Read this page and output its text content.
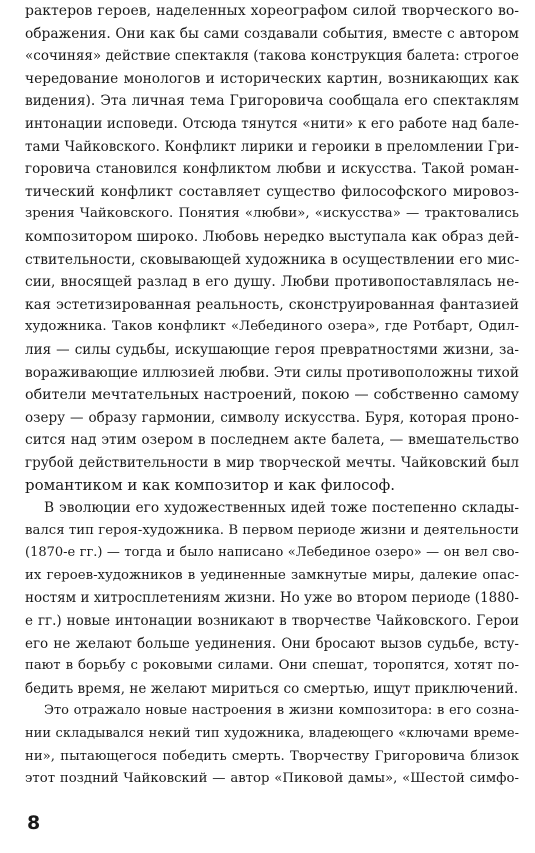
рактеров героев, наделенных хореографом силой творческого во-
ображения. Они как бы сами создавали события, вместе с автором
«сочиняя» действие спектакля (такова конструкция балета: строгое
чередование монологов и исторических картин, возникающих как
видения). Эта личная тема Григоровича сообщала его спектаклям
интонации исповеди. Отсюда тянутся «нити» к его работе над бале-
тами Чайковского. Конфликт лирики и героики в преломлении Гри-
горовича становился конфликтом любви и искусства. Такой роман-
тический конфликт составляет существо философского мировоз-
зрения Чайковского. Понятия «любви», «искусства» — трактовались
композитором широко. Любовь нередко выступала как образ дей-
ствительности, сковывающей художника в осуществлении его мис-
сии, вносящей разлад в его душу. Любви противопоставлялась не-
кая эстетизированная реальность, сконструированная фантазией
художника. Таков конфликт «Лебединого озера», где Ротбарт, Одил-
лия — силы судьбы, искушающие героя превратностями жизни, за-
вораживающие иллюзией любви. Эти силы противоположны тихой
обители мечтательных настроений, покою — собственно самому
озеру — образу гармонии, символу искусства. Буря, которая проно-
сится над этим озером в последнем акте балета, — вмешательство
грубой действительности в мир творческой мечты. Чайковский был
романтиком и как композитор и как философ.
В эволюции его художественных идей тоже постепенно склады-
вался тип героя-художника. В первом периоде жизни и деятельности
(1870-е гг.) — тогда и было написано «Лебединое озеро» — он вел сво-
их героев-художников в уединенные замкнутые миры, далекие опас-
ностям и хитросплетениям жизни. Но уже во втором периоде (1880-
е гг.) новые интонации возникают в творчестве Чайковского. Герои
его не желают больше уединения. Они бросают вызов судьбе, всту-
пают в борьбу с роковыми силами. Они спешат, торопятся, хотят по-
бедить время, не желают мириться со смертью, ищут приключений.
Это отражало новые настроения в жизни композитора: в его сознa-
нии складывался некий тип художника, владеющего «ключами време-
ни», пытающегося победить смерть. Творчеству Григоровича близок
этот поздний Чайковский — автор «Пиковой дамы», «Шестой симфо-
8
